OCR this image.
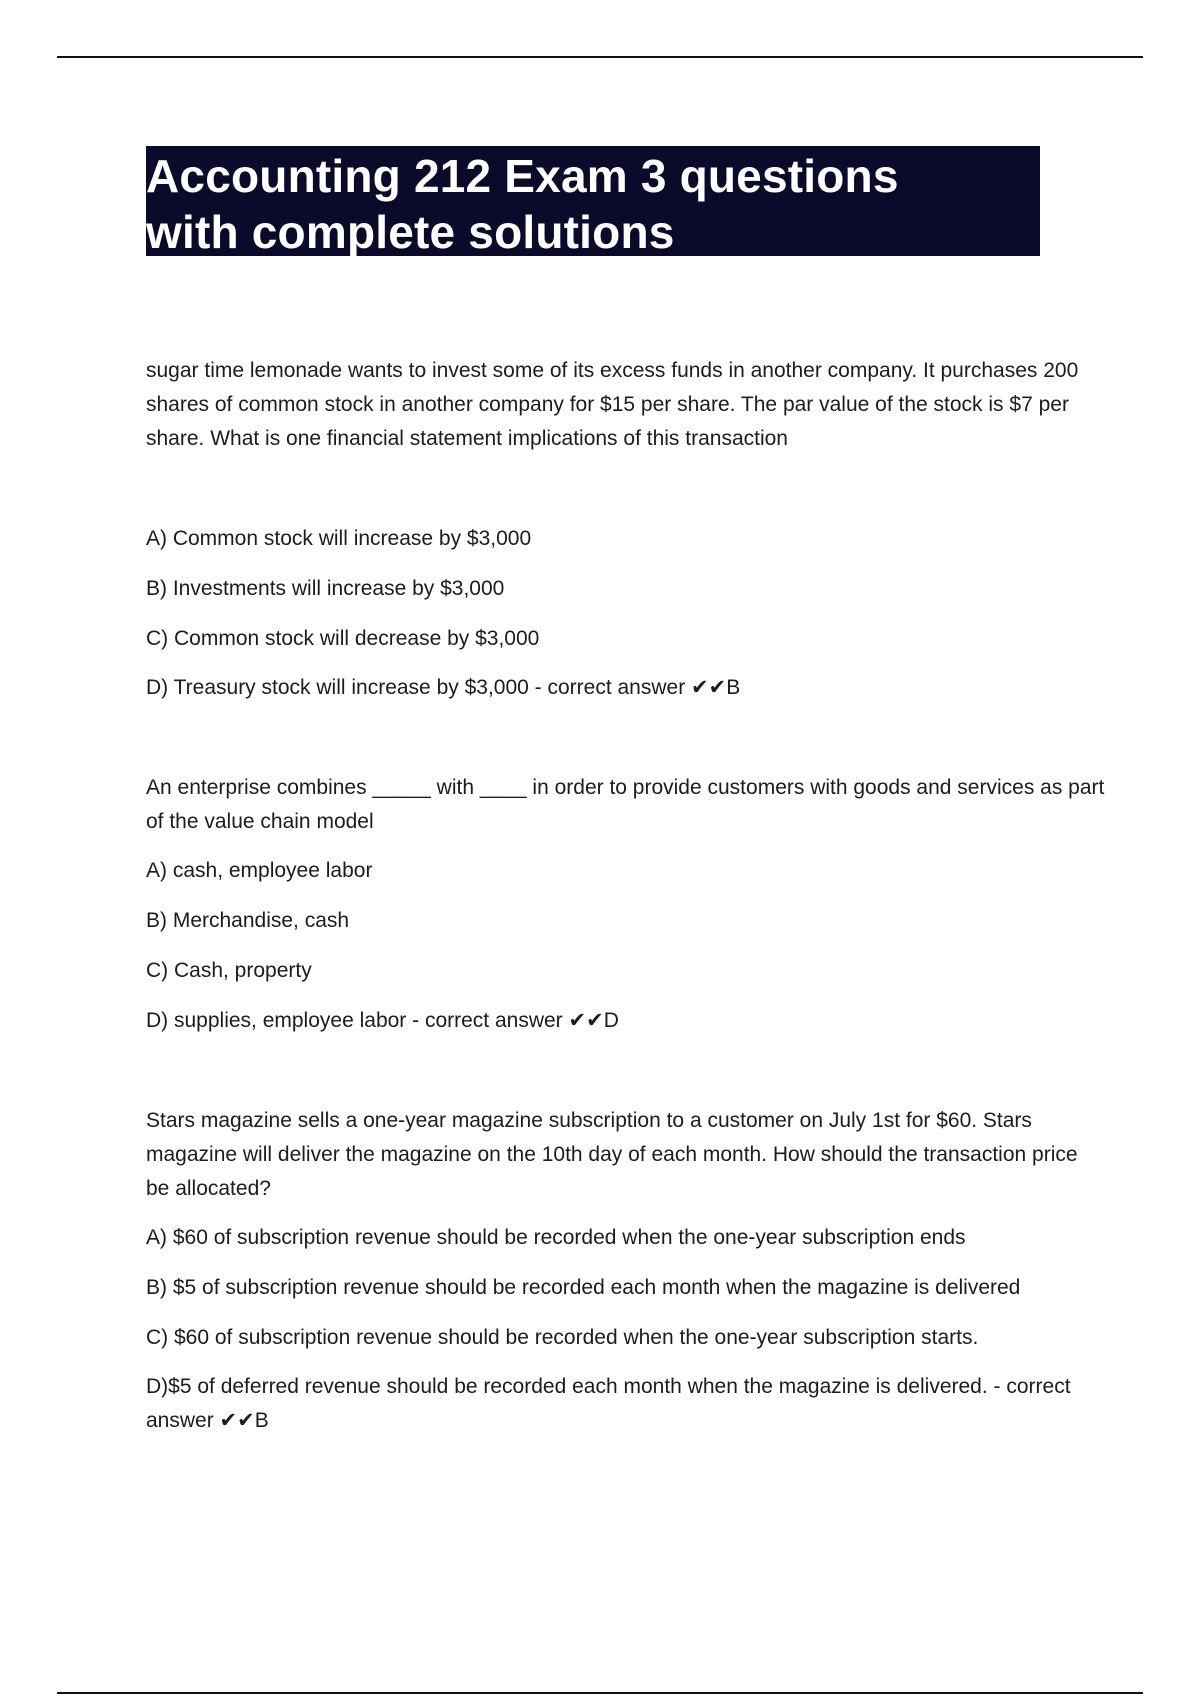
Accounting 212 Exam 3 questions
with complete solutions

sugar time lemonade wants to invest some of its excess funds in another company. It purchases 200 shares of common stock in another company for $15 per share. The par value of the stock is $7 per share. What is one financial statement implications of this transaction

A) Common stock will increase by $3,000

B) Investments will increase by $3,000

C) Common stock will decrease by $3,000

D) Treasury stock will increase by $3,000 - correct answer ✔✔B

An enterprise combines _____ with ____ in order to provide customers with goods and services as part of the value chain model

A) cash, employee labor

B) Merchandise, cash

C) Cash, property

D) supplies, employee labor - correct answer ✔✔D

Stars magazine sells a one-year magazine subscription to a customer on July 1st for $60. Stars magazine will deliver the magazine on the 10th day of each month. How should the transaction price be allocated?

A) $60 of subscription revenue should be recorded when the one-year subscription ends

B) $5 of subscription revenue should be recorded each month when the magazine is delivered

C) $60 of subscription revenue should be recorded when the one-year subscription starts.

D)$5 of deferred revenue should be recorded each month when the magazine is delivered. - correct answer ✔✔B
